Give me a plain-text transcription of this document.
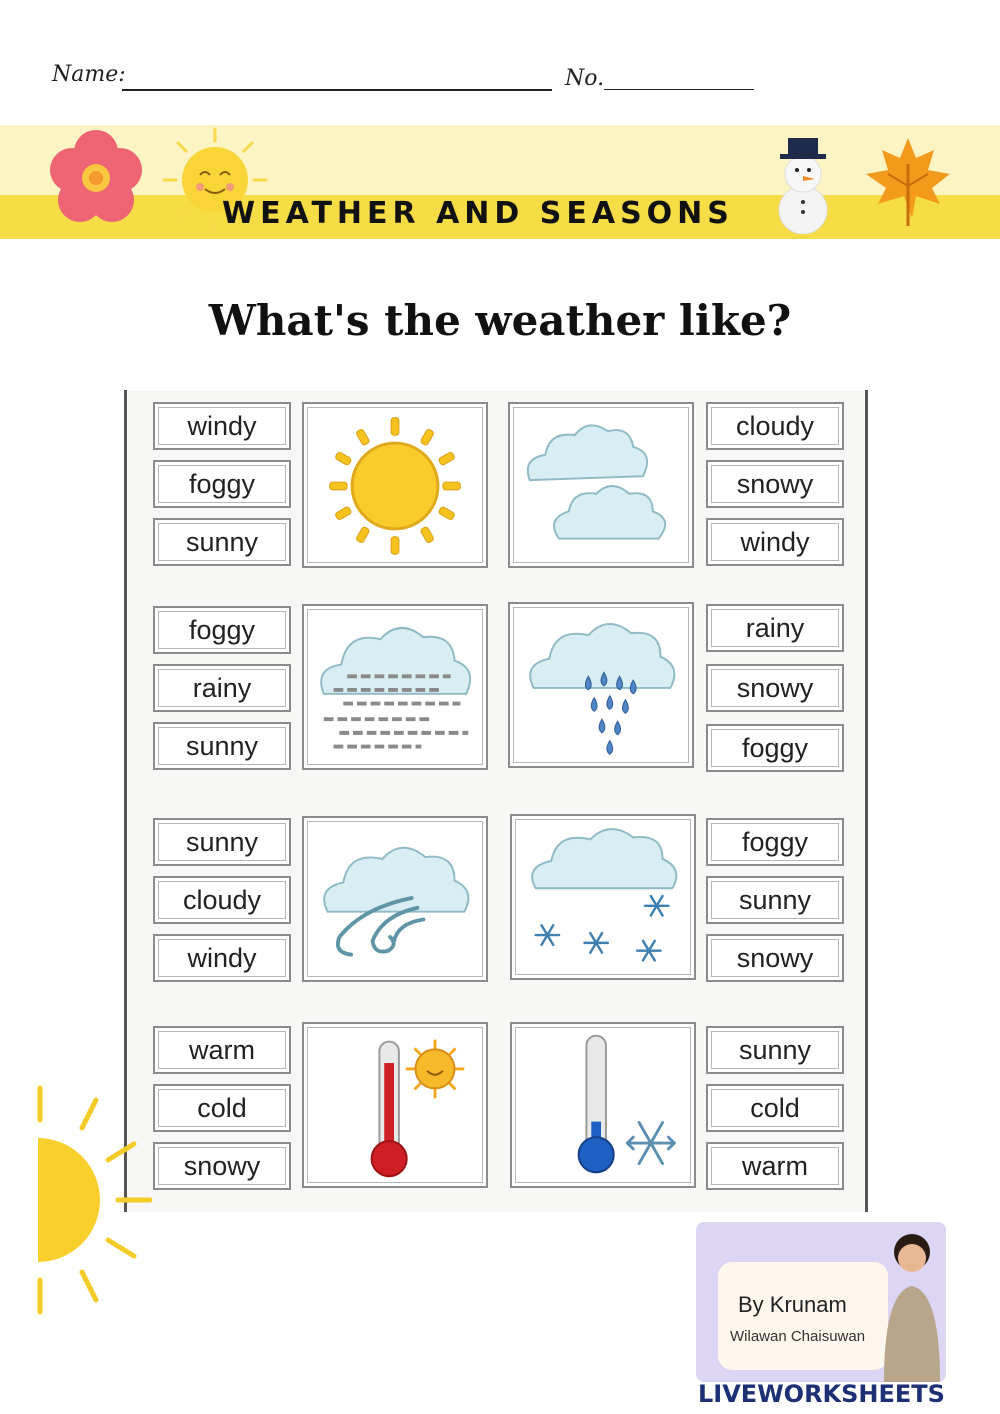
Name:	No.
WEATHER AND SEASONS
What's the weather like?
windy
foggy
sunny
cloudy
snowy
windy
foggy
rainy
sunny
rainy
snowy
foggy
sunny
cloudy
windy
foggy
sunny
snowy
warm
cold
snowy
sunny
cold
warm
By Krunam
Wilawan Chaisuwan
LIVEWORKSHEETS
